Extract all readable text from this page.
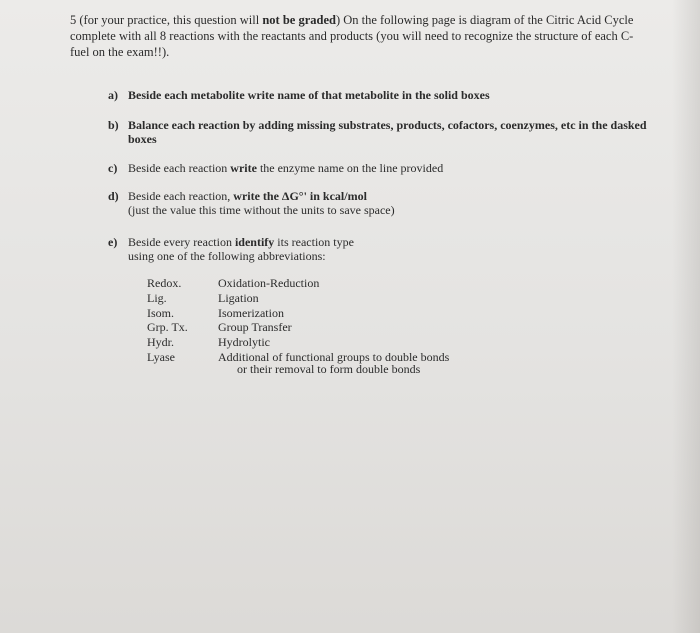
5 (for your practice, this question will not be graded) On the following page is diagram of the Citric Acid Cycle
complete with all 8 reactions with the reactants and products (you will need to recognize the structure of each C-
fuel on the exam!!).
a) Beside each metabolite write name of that metabolite in the solid boxes
b) Balance each reaction by adding missing substrates, products, cofactors, coenzymes, etc in the dasked
boxes
c) Beside each reaction write the enzyme name on the line provided
d) Beside each reaction, write the ΔG°' in kcal/mol
(just the value this time without the units to save space)
e) Beside every reaction identify its reaction type
using one of the following abbreviations:
Redox.	Oxidation-Reduction
Lig.	Ligation
Isom.	Isomerization
Grp. Tx.	Group Transfer
Hydr.	Hydrolytic
Lyase	Additional of functional groups to double bonds
or their removal to form double bonds
